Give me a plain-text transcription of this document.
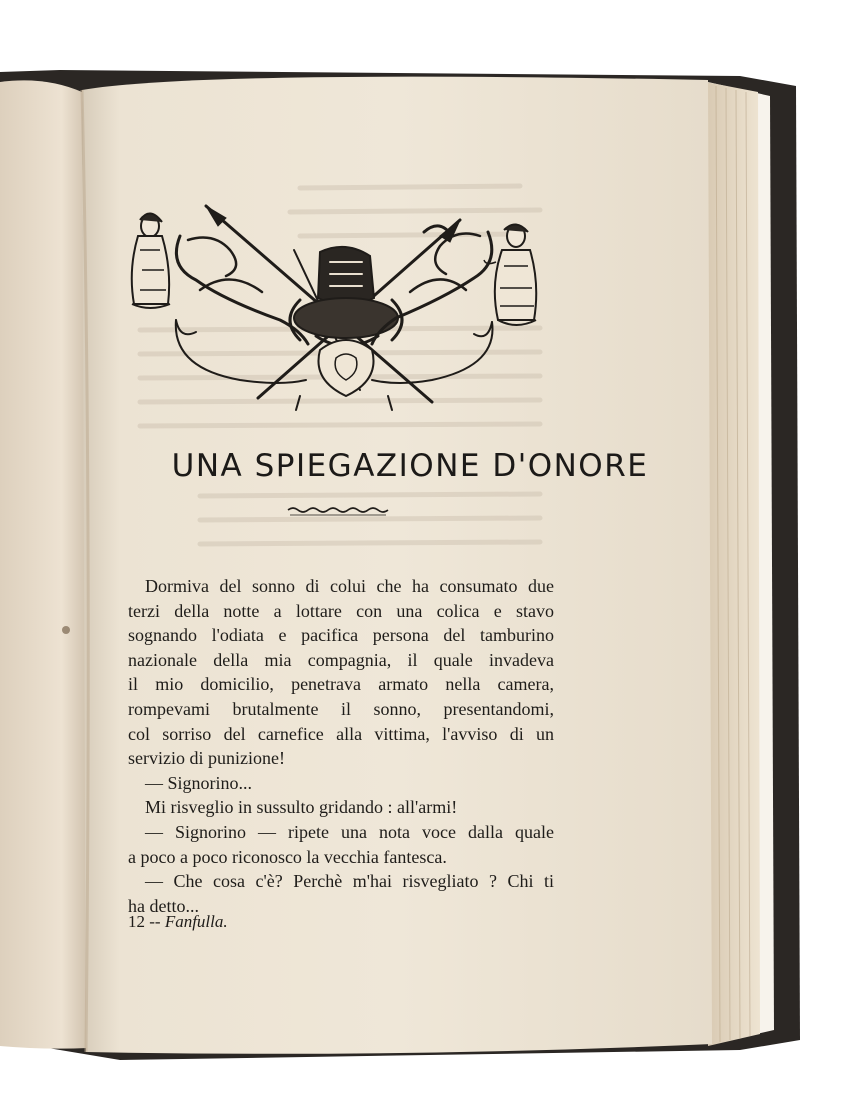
UNA SPIEGAZIONE D'ONORE
Dormiva del sonno di colui che ha consumato due
terzi della notte a lottare con una colica e stavo
sognando l'odiata e pacifica persona del tamburino
nazionale della mia compagnia, il quale invadeva
il mio domicilio, penetrava armato nella camera,
rompevami brutalmente il sonno, presentandomi,
col sorriso del carnefice alla vittima, l'avviso di un
servizio di punizione!
— Signorino...
Mi risveglio in sussulto gridando : all'armi!
— Signorino — ripete una nota voce dalla quale
a poco a poco riconosco la vecchia fantesca.
— Che cosa c'è? Perchè m'hai risvegliato ? Chi ti
ha detto...
12 -- Fanfulla.
